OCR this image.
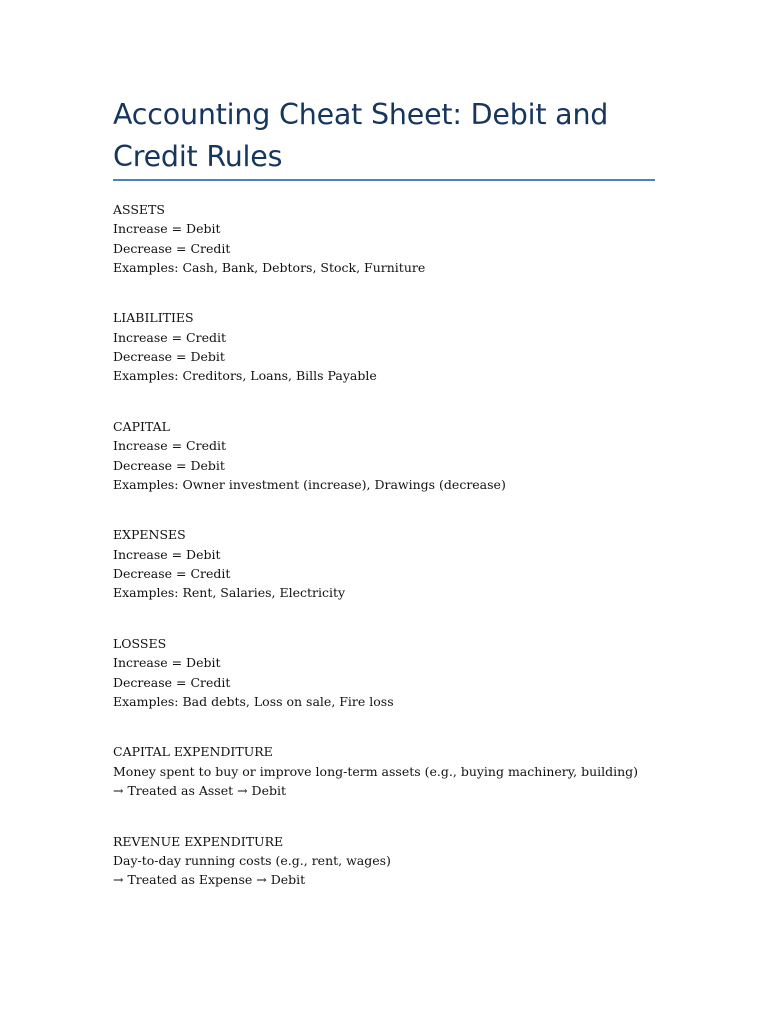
Accounting Cheat Sheet: Debit and Credit Rules
ASSETS
Increase = Debit
Decrease = Credit
Examples: Cash, Bank, Debtors, Stock, Furniture
LIABILITIES
Increase = Credit
Decrease = Debit
Examples: Creditors, Loans, Bills Payable
CAPITAL
Increase = Credit
Decrease = Debit
Examples: Owner investment (increase), Drawings (decrease)
EXPENSES
Increase = Debit
Decrease = Credit
Examples: Rent, Salaries, Electricity
LOSSES
Increase = Debit
Decrease = Credit
Examples: Bad debts, Loss on sale, Fire loss
CAPITAL EXPENDITURE
Money spent to buy or improve long-term assets (e.g., buying machinery, building)
→ Treated as Asset → Debit
REVENUE EXPENDITURE
Day-to-day running costs (e.g., rent, wages)
→ Treated as Expense → Debit
